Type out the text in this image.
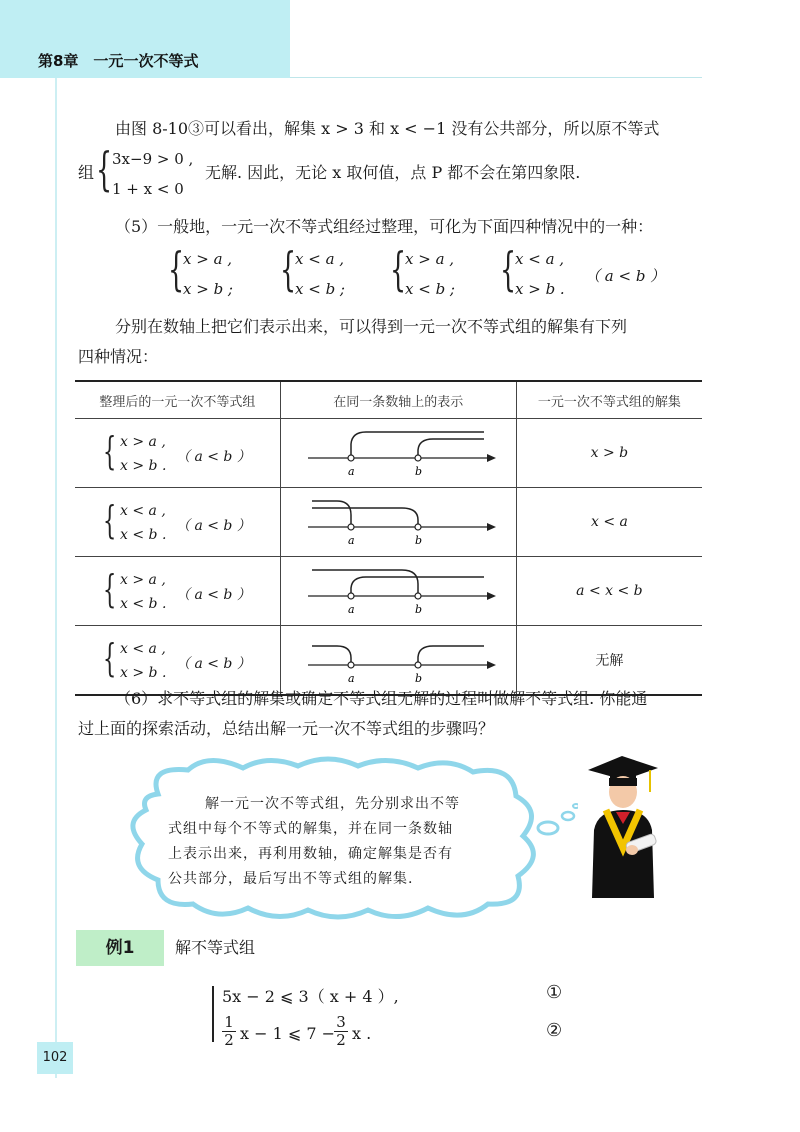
第8章　一元一次不等式
由图 8-10③可以看出，解集 x > 3 和 x < −1 没有公共部分，所以原不等式
组 { 3x−9 > 0 ,
1 + x < 0
无解. 因此，无论 x 取何值，点 P 都不会在第四象限.
（5）一般地，一元一次不等式组经过整理，可化为下面四种情况中的一种：
{
x > a ,
x > b ; {
x < a ,
x < b ; {
x > a ,
x < b ; {
x < a ,
x > b .
（ a < b ）
分别在数轴上把它们表示出来，可以得到一元一次不等式组的解集有下列
四种情况：
整理后的一元一次不等式组	在同一条数轴上的表示	一元一次不等式组的解集

{ x > a ,
x > b .
（ a < b ）	a b	x > b

{ x < a ,
x < b .
（ a < b ）	a b	x < a

{ x > a ,
x < b .
（ a < b ）	a b	a < x < b

{ x < a ,
x > b .
（ a < b ）	a b	无解
（6）求不等式组的解集或确定不等式组无解的过程叫做解不等式组. 你能通
过上面的探索活动，总结出解一元一次不等式组的步骤吗？
解一元一次不等式组，先分别求出不等
式组中每个不等式的解集，并在同一条数轴
上表示出来，再利用数轴，确定解集是否有
公共部分，最后写出不等式组的解集.
例1	解不等式组
5x − 2 ⩽ 3（ x + 4 ）,	①
$\frac{1}{2}$ x − 1 ⩽ 7 −
$\frac{3}{2}$ x .	②
102
